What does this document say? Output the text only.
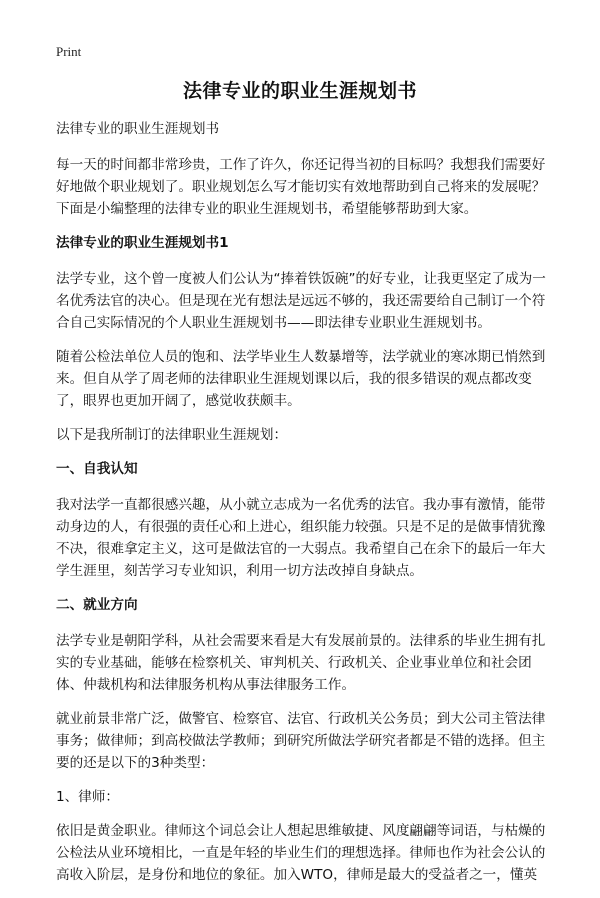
Print
法律专业的职业生涯规划书

法律专业的职业生涯规划书

每一天的时间都非常珍贵，工作了许久，你还记得当初的目标吗？我想我们需要好好地做个职业规划了。职业规划怎么写才能切实有效地帮助到自己将来的发展呢？下面是小编整理的法律专业的职业生涯规划书，希望能够帮助到大家。

法律专业的职业生涯规划书1

法学专业，这个曾一度被人们公认为“捧着铁饭碗”的好专业，让我更坚定了成为一名优秀法官的决心。但是现在光有想法是远远不够的，我还需要给自己制订一个符合自己实际情况的个人职业生涯规划书——即法律专业职业生涯规划书。

随着公检法单位人员的饱和、法学毕业生人数暴增等，法学就业的寒冰期已悄然到来。但自从学了周老师的法律职业生涯规划课以后，我的很多错误的观点都改变了，眼界也更加开阔了，感觉收获颇丰。

以下是我所制订的法律职业生涯规划：

一、自我认知

我对法学一直都很感兴趣，从小就立志成为一名优秀的法官。我办事有激情，能带动身边的人，有很强的责任心和上进心，组织能力较强。只是不足的是做事情犹豫不决，很难拿定主义，这可是做法官的一大弱点。我希望自己在余下的最后一年大学生涯里，刻苦学习专业知识，利用一切方法改掉自身缺点。

二、就业方向

法学专业是朝阳学科，从社会需要来看是大有发展前景的。法律系的毕业生拥有扎实的专业基础，能够在检察机关、审判机关、行政机关、企业事业单位和社会团体、仲裁机构和法律服务机构从事法律服务工作。

就业前景非常广泛，做警官、检察官、法官、行政机关公务员；到大公司主管法律事务；做律师；到高校做法学教师；到研究所做法学研究者都是不错的选择。但主要的还是以下的3种类型：

1、律师：

依旧是黄金职业。律师这个词总会让人想起思维敏捷、风度翩翩等词语，与枯燥的公检法从业环境相比，一直是年轻的毕业生们的理想选择。律师也作为社会公认的高收入阶层，是身份和地位的象征。加入WTO，律师是最大的受益者之一，懂英
